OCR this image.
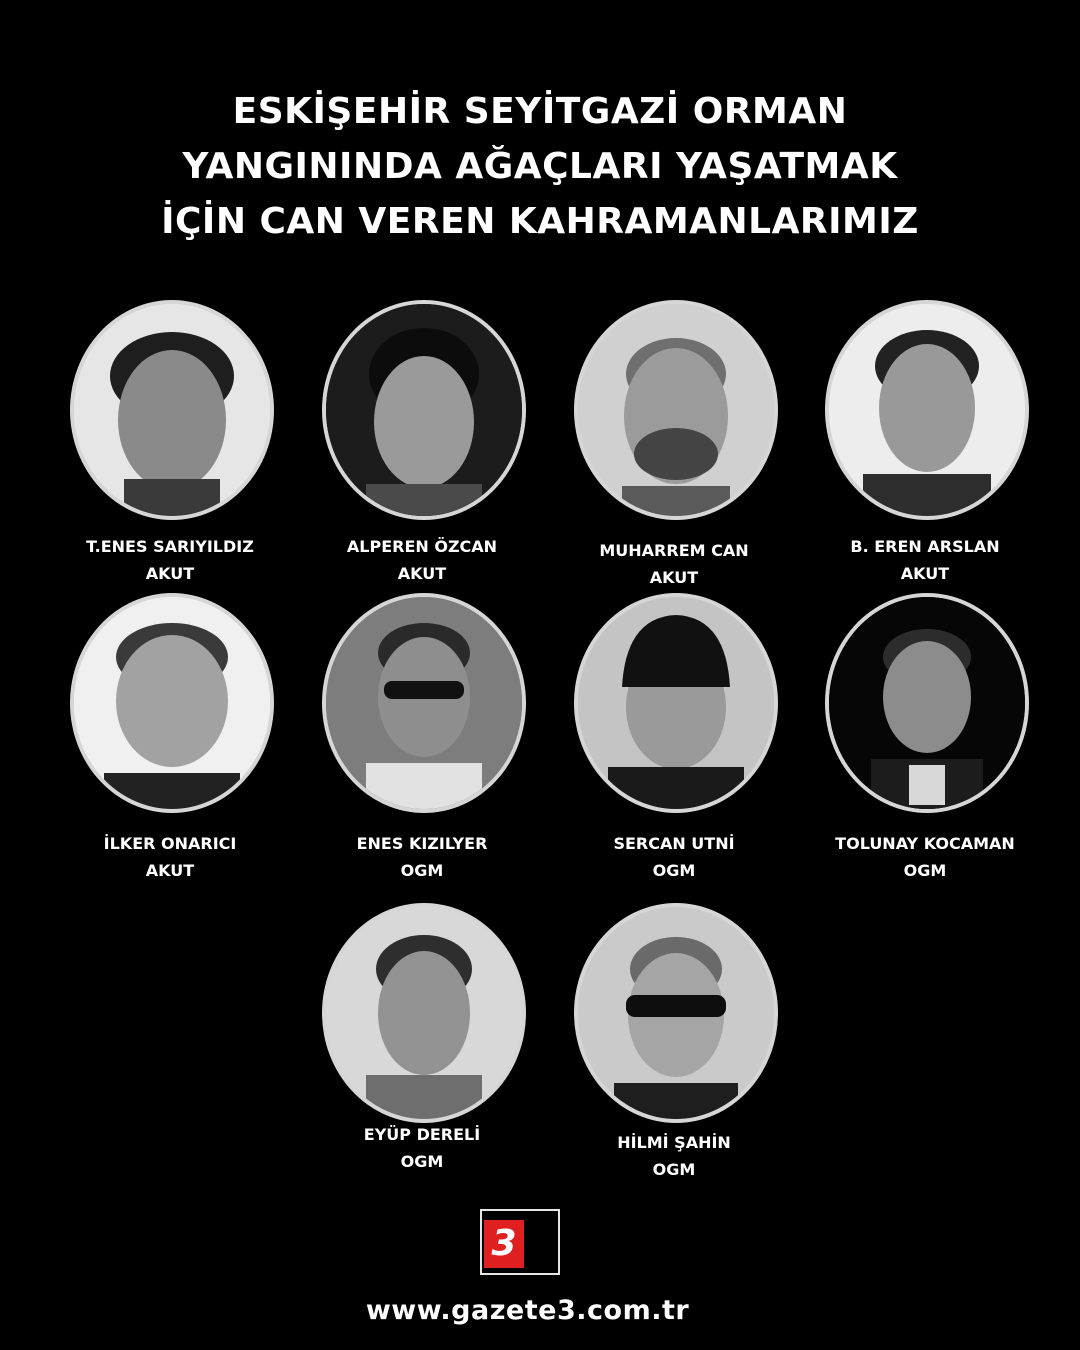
ESKİŞEHİR SEYİTGAZİ ORMAN
YANGININDA AĞAÇLARI YAŞATMAK
İÇİN CAN VEREN KAHRAMANLARIMIZ
T.ENES SARIYILDIZ
AKUT
ALPEREN ÖZCAN
AKUT
MUHARREM CAN
AKUT
B. EREN ARSLAN
AKUT
İLKER ONARICI
AKUT
ENES KIZILYER
OGM
SERCAN UTNİ
OGM
TOLUNAY KOCAMAN
OGM
EYÜP DERELİ
OGM
HİLMİ ŞAHİN
OGM
3
www.gazete3.com.tr
